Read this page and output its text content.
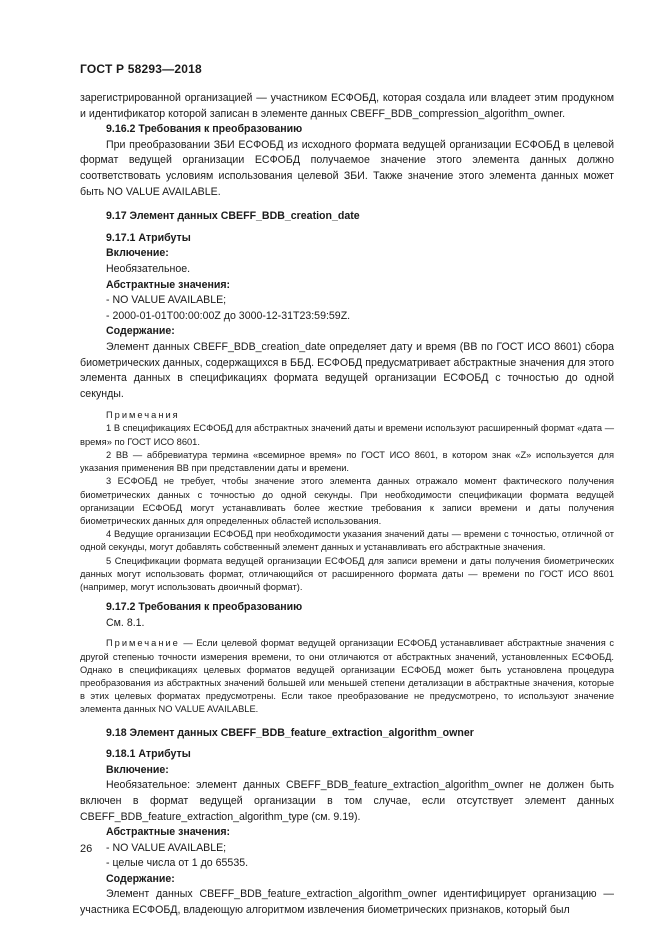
ГОСТ Р 58293—2018

зарегистрированной организацией — участником ЕСФОБД, которая создала или владеет этим продукном и идентификатор которой записан в элементе данных CBEFF_BDB_compression_algorithm_owner.

9.16.2 Требования к преобразованию

При преобразовании ЗБИ ЕСФОБД из исходного формата ведущей организации ЕСФОБД в целевой формат ведущей организации ЕСФОБД получаемое значение этого элемента данных должно соответствовать условиям использования целевой ЗБИ. Также значение этого элемента данных может быть NO VALUE AVAILABLE.

9.17 Элемент данных CBEFF_BDB_creation_date

9.17.1 Атрибуты

Включение:

Необязательное.

Абстрактные значения:

- NO VALUE AVAILABLE;

- 2000-01-01T00:00:00Z до 3000-12-31T23:59:59Z.

Содержание:

Элемент данных CBEFF_BDB_creation_date определяет дату и время (ВВ по ГОСТ ИСО 8601) сбора биометрических данных, содержащихся в ББД. ЕСФОБД предусматривает абстрактные значения для этого элемента данных в спецификациях формата ведущей организации ЕСФОБД с точностью до одной секунды.

Примечания

1 В спецификациях ЕСФОБД для абстрактных значений даты и времени используют расширенный формат «дата — время» по ГОСТ ИСО 8601.

2 ВВ — аббревиатура термина «всемирное время» по ГОСТ ИСО 8601, в котором знак «Z» используется для указания применения ВВ при представлении даты и времени.

3 ЕСФОБД не требует, чтобы значение этого элемента данных отражало момент фактического получения биометрических данных с точностью до одной секунды. При необходимости спецификации формата ведущей организации ЕСФОБД могут устанавливать более жесткие требования к записи времени и даты получения биометрических данных для определенных областей использования.

4 Ведущие организации ЕСФОБД при необходимости указания значений даты — времени с точностью, отличной от одной секунды, могут добавлять собственный элемент данных и устанавливать его абстрактные значения.

5 Спецификации формата ведущей организации ЕСФОБД для записи времени и даты получения биометрических данных могут использовать формат, отличающийся от расширенного формата даты — времени по ГОСТ ИСО 8601 (например, могут использовать двоичный формат).

9.17.2 Требования к преобразованию

См. 8.1.

Примечание — Если целевой формат ведущей организации ЕСФОБД устанавливает абстрактные значения с другой степенью точности измерения времени, то они отличаются от абстрактных значений, установленных ЕСФОБД. Однако в спецификациях целевых форматов ведущей организации ЕСФОБД может быть установлена процедура преобразования из абстрактных значений большей или меньшей степени детализации в абстрактные значения, которые в этих целевых форматах предусмотрены. Если такое преобразование не предусмотрено, то используют значение элемента данных NO VALUE AVAILABLE.

9.18 Элемент данных CBEFF_BDB_feature_extraction_algorithm_owner

9.18.1 Атрибуты

Включение:

Необязательное: элемент данных CBEFF_BDB_feature_extraction_algorithm_owner не должен быть включен в формат ведущей организации в том случае, если отсутствует элемент данных CBEFF_BDB_feature_extraction_algorithm_type (см. 9.19).

Абстрактные значения:

- NO VALUE AVAILABLE;

- целые числа от 1 до 65535.

Содержание:

Элемент данных CBEFF_BDB_feature_extraction_algorithm_owner идентифицирует организацию — участника ЕСФОБД, владеющую алгоритмом извлечения биометрических признаков, который был

26
